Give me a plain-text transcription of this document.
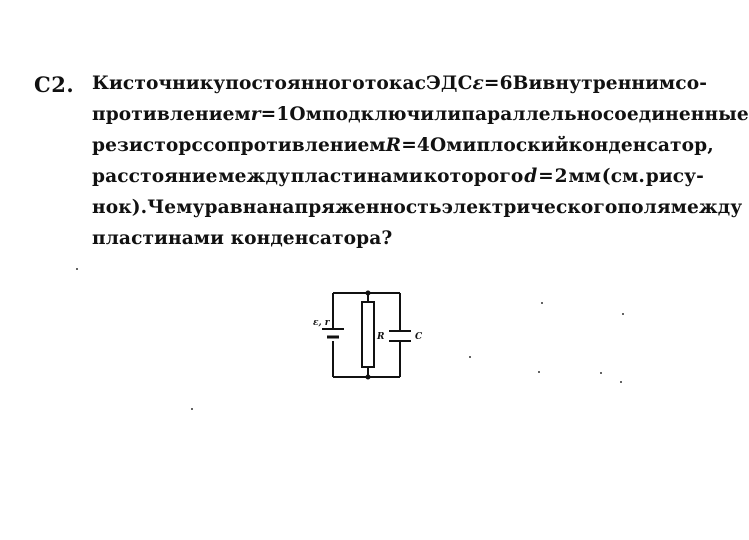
С2. К источнику постоянного тока с ЭДС ε = 6 В и внутренним со-
противлением r = 1 Ом подключили параллельно соединенные
резистор с сопротивлением R = 4 Ом и плоский конденсатор,
расстояние между пластинами которого d = 2 мм (см. рису-
нок). Чему равна напряженность электрического поля между
пластинами конденсатора?
ε, r
R	C
